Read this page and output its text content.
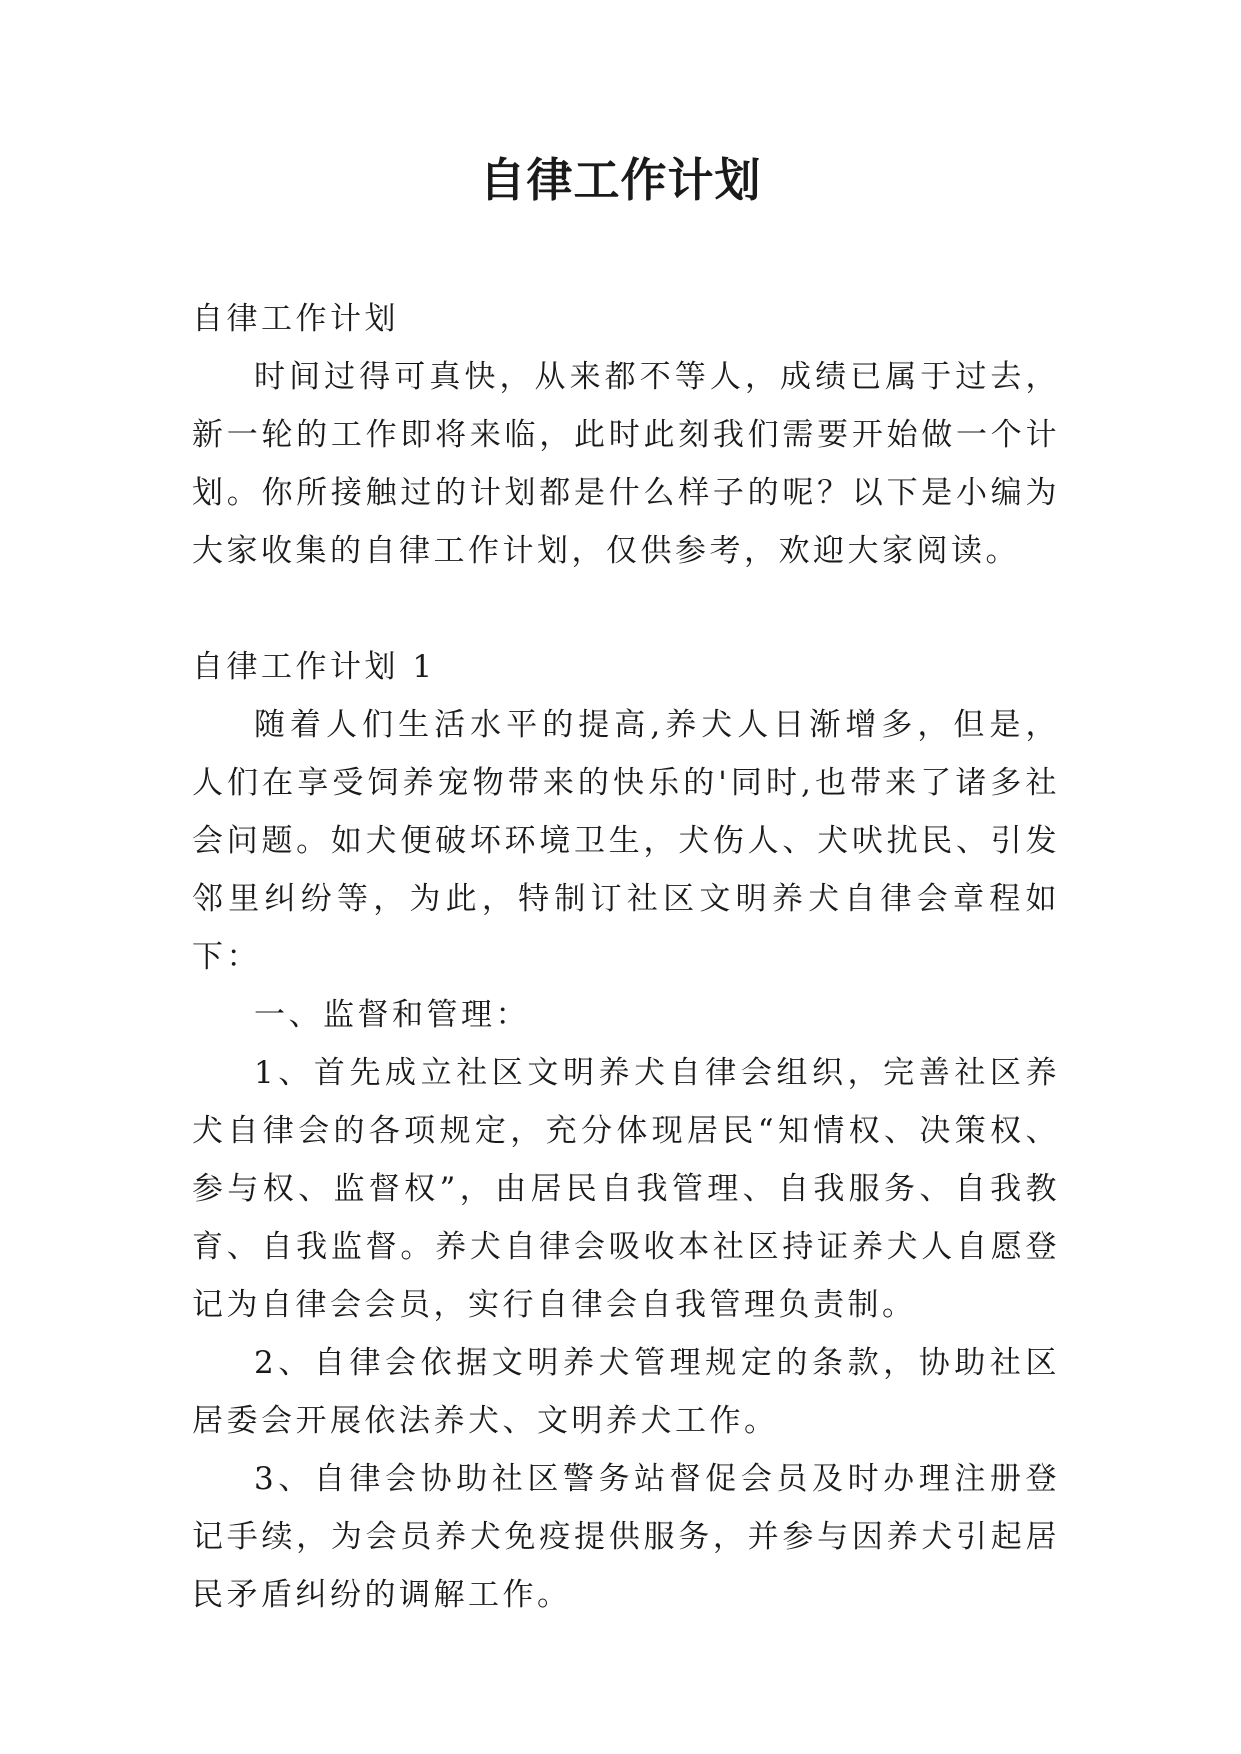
自律工作计划

自律工作计划

时间过得可真快，从来都不等人，成绩已属于过去，新一轮的工作即将来临，此时此刻我们需要开始做一个计划。你所接触过的计划都是什么样子的呢？以下是小编为大家收集的自律工作计划，仅供参考，欢迎大家阅读。

自律工作计划 1

随着人们生活水平的提高,养犬人日渐增多，但是，人们在享受饲养宠物带来的快乐的'同时,也带来了诸多社会问题。如犬便破坏环境卫生，犬伤人、犬吠扰民、引发邻里纠纷等，为此，特制订社区文明养犬自律会章程如下：

一、监督和管理：

1、首先成立社区文明养犬自律会组织，完善社区养犬自律会的各项规定，充分体现居民“知情权、决策权、参与权、监督权”，由居民自我管理、自我服务、自我教育、自我监督。养犬自律会吸收本社区持证养犬人自愿登记为自律会会员，实行自律会自我管理负责制。

2、自律会依据文明养犬管理规定的条款，协助社区居委会开展依法养犬、文明养犬工作。

3、自律会协助社区警务站督促会员及时办理注册登记手续，为会员养犬免疫提供服务，并参与因养犬引起居民矛盾纠纷的调解工作。
